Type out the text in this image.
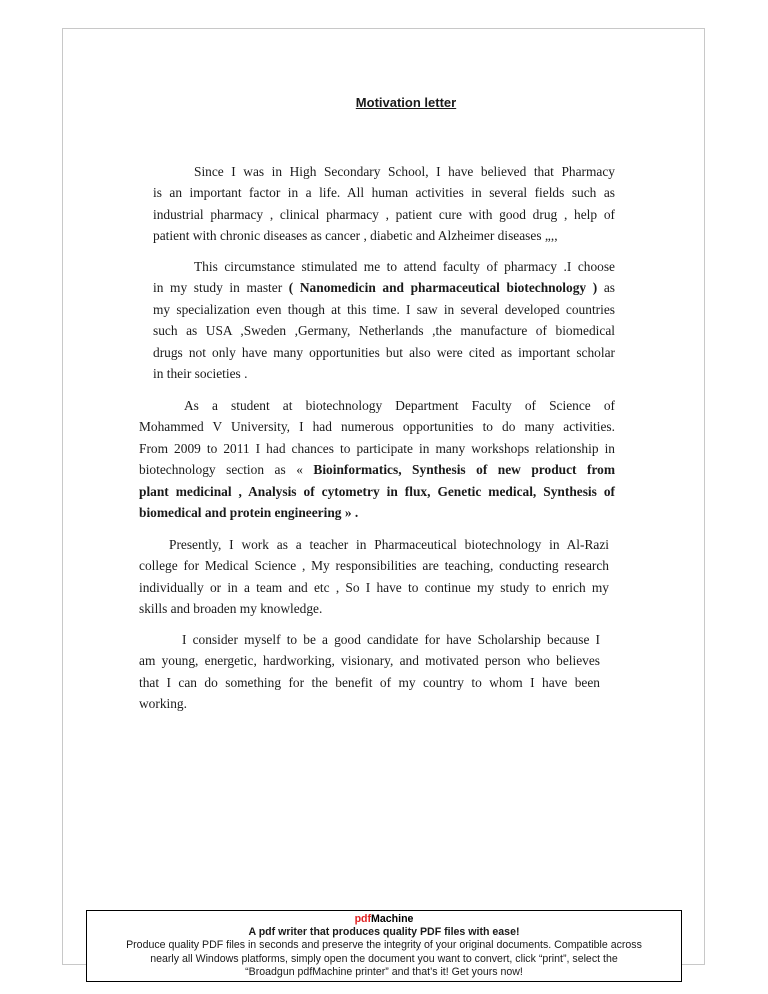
Motivation letter
Since I was in High Secondary School, I have believed that Pharmacy
is an important factor in a life. All human activities in several fields such as
industrial pharmacy , clinical pharmacy , patient cure with good drug , help of
patient with chronic diseases as cancer , diabetic and Alzheimer diseases „,,
This circumstance stimulated me to attend faculty of pharmacy .I choose
in my study in master ( Nanomedicin and pharmaceutical biotechnology ) as
my specialization even though at this time. I saw in several developed countries
such as USA ,Sweden ,Germany, Netherlands ,the manufacture of biomedical
drugs not only have many opportunities but also were cited as important scholar
in their societies .
As a student at biotechnology Department Faculty of Science of
Mohammed V University, I had numerous opportunities to do many activities.
From 2009 to 2011 I had chances to participate in many workshops relationship in
biotechnology section as « Bioinformatics, Synthesis of new product from
plant medicinal , Analysis of cytometry in flux, Genetic medical, Synthesis of
biomedical and protein engineering » .
Presently, I work as a teacher in Pharmaceutical biotechnology in Al-Razi
college for Medical Science , My responsibilities are teaching, conducting research
individually or in a team and etc , So I have to continue my study to enrich my
skills and broaden my knowledge.
I consider myself to be a good candidate for have Scholarship because I
am young, energetic, hardworking, visionary, and motivated person who believes
that I can do something for the benefit of my country to whom I have been
working.
pdfMachine
A pdf writer that produces quality PDF files with ease!
Produce quality PDF files in seconds and preserve the integrity of your original documents. Compatible across
nearly all Windows platforms, simply open the document you want to convert, click “print”, select the
“Broadgun pdfMachine printer” and that’s it! Get yours now!
